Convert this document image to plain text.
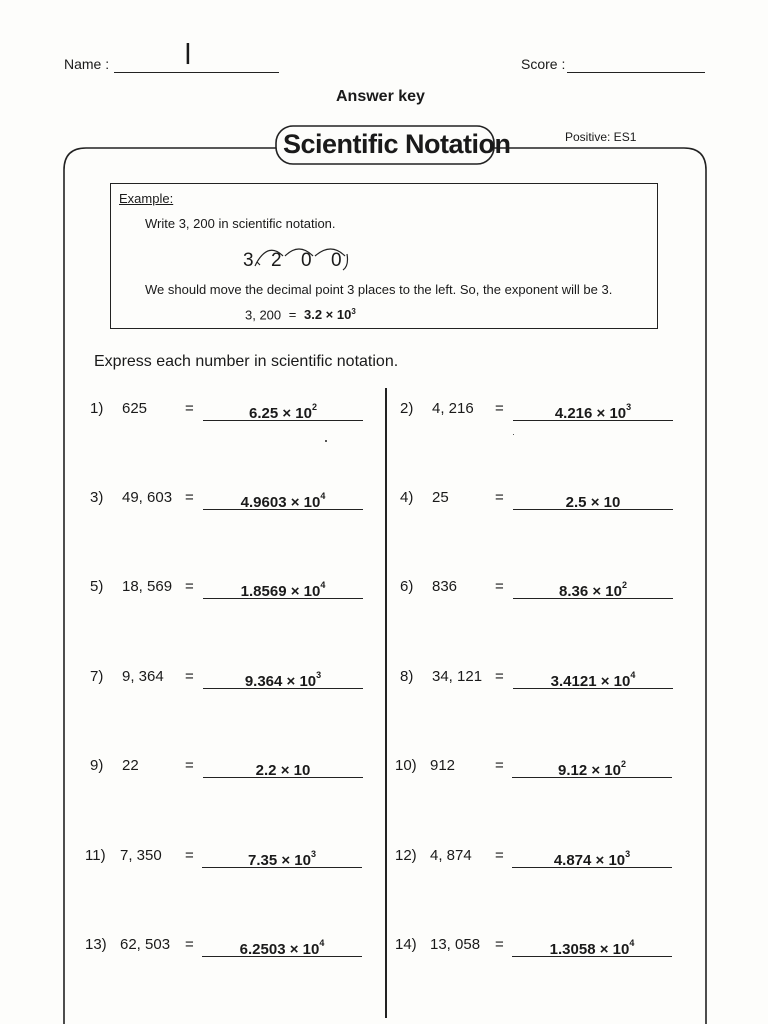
Name :	l	Score :
Answer key
Scientific Notation	Positive: ES1
Example:
Write 3, 200 in scientific notation.
3 2 0 0
We should move the decimal point 3 places to the left. So, the exponent will be 3.
3, $200 = 3.2 \times 10^3$
Express each number in scientific notation.
1) 625	=	$6.25 \times 10^2$	2) 4, 216 =	$4.216 \times 10^3$
3) 49, 603 =	$4.9603 \times 10^4$	4) 25	=	2.5 × 10
5) 18, 569 =	$1.8569 \times 10^4$	6) 836	=	$8.36 \times 10^2$
7) 9, 364 =	$9.364 \times 10^3$	8) 34, 121 =	$3.4121 \times 10^4$
9) 22	=	2.2 × 10	10) 912	=	$9.12 \times 10^2$
11) 7, 350 =	$7.35 \times 10^3$	12) 4, 874 =	$4.874 \times 10^3$
13) 62, 503 =	$6.2503 \times 10^4$	14) 13, 058 =	$1.3058 \times 10^4$
